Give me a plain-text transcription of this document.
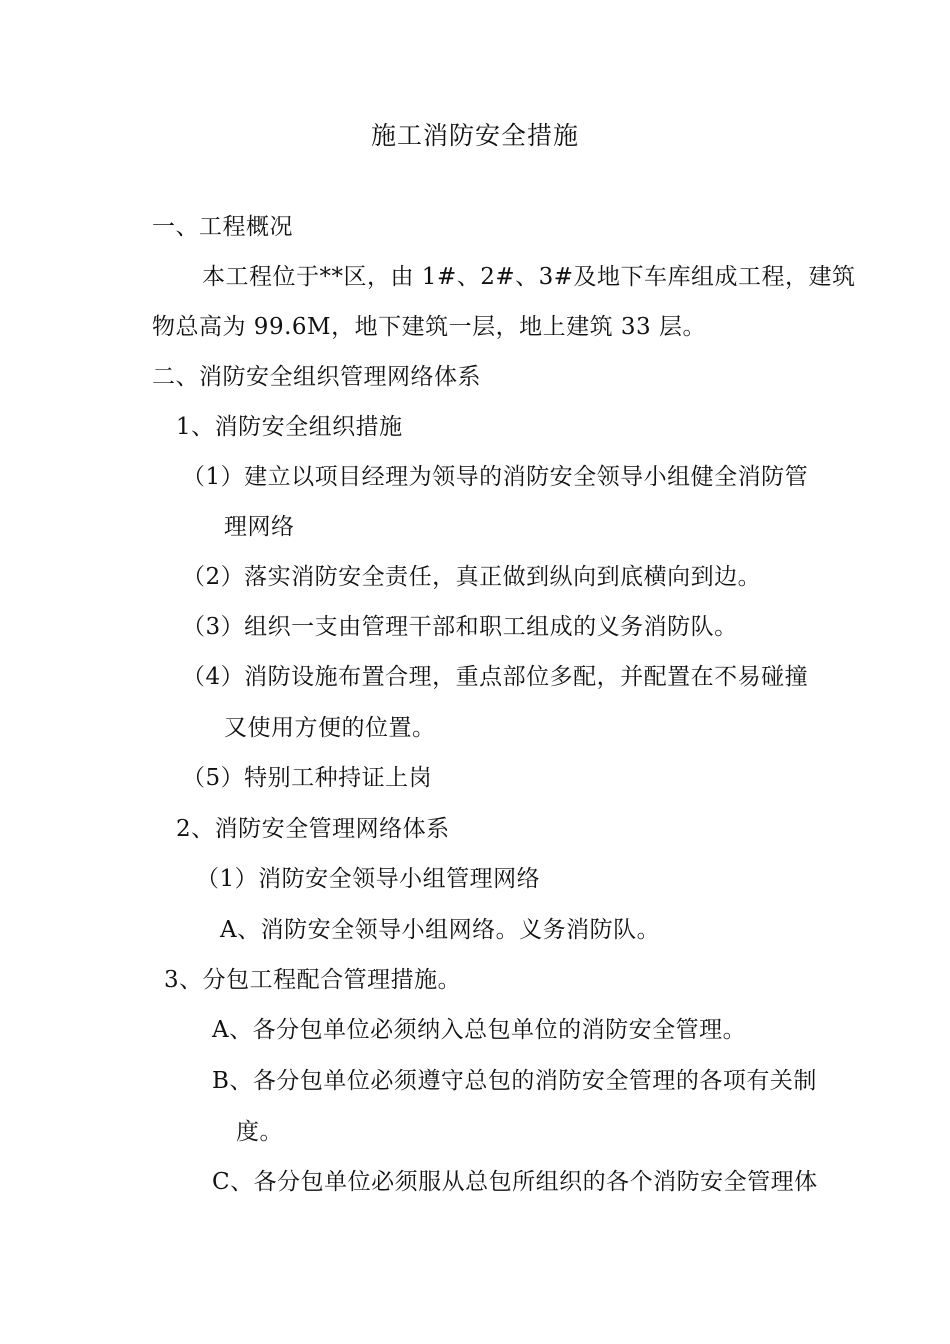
施工消防安全措施
一、工程概况
本工程位于**区，由 1#、2#、3#及地下车库组成工程，建筑
物总高为 99.6M，地下建筑一层，地上建筑 33 层。
二、消防安全组织管理网络体系
1、消防安全组织措施
（1）建立以项目经理为领导的消防安全领导小组健全消防管
理网络
（2）落实消防安全责任，真正做到纵向到底横向到边。
（3）组织一支由管理干部和职工组成的义务消防队。
（4）消防设施布置合理，重点部位多配，并配置在不易碰撞
又使用方便的位置。
（5）特别工种持证上岗
2、消防安全管理网络体系
（1）消防安全领导小组管理网络
A、消防安全领导小组网络。义务消防队。
3、分包工程配合管理措施。
A、各分包单位必须纳入总包单位的消防安全管理。
B、各分包单位必须遵守总包的消防安全管理的各项有关制
度。
C、各分包单位必须服从总包所组织的各个消防安全管理体
